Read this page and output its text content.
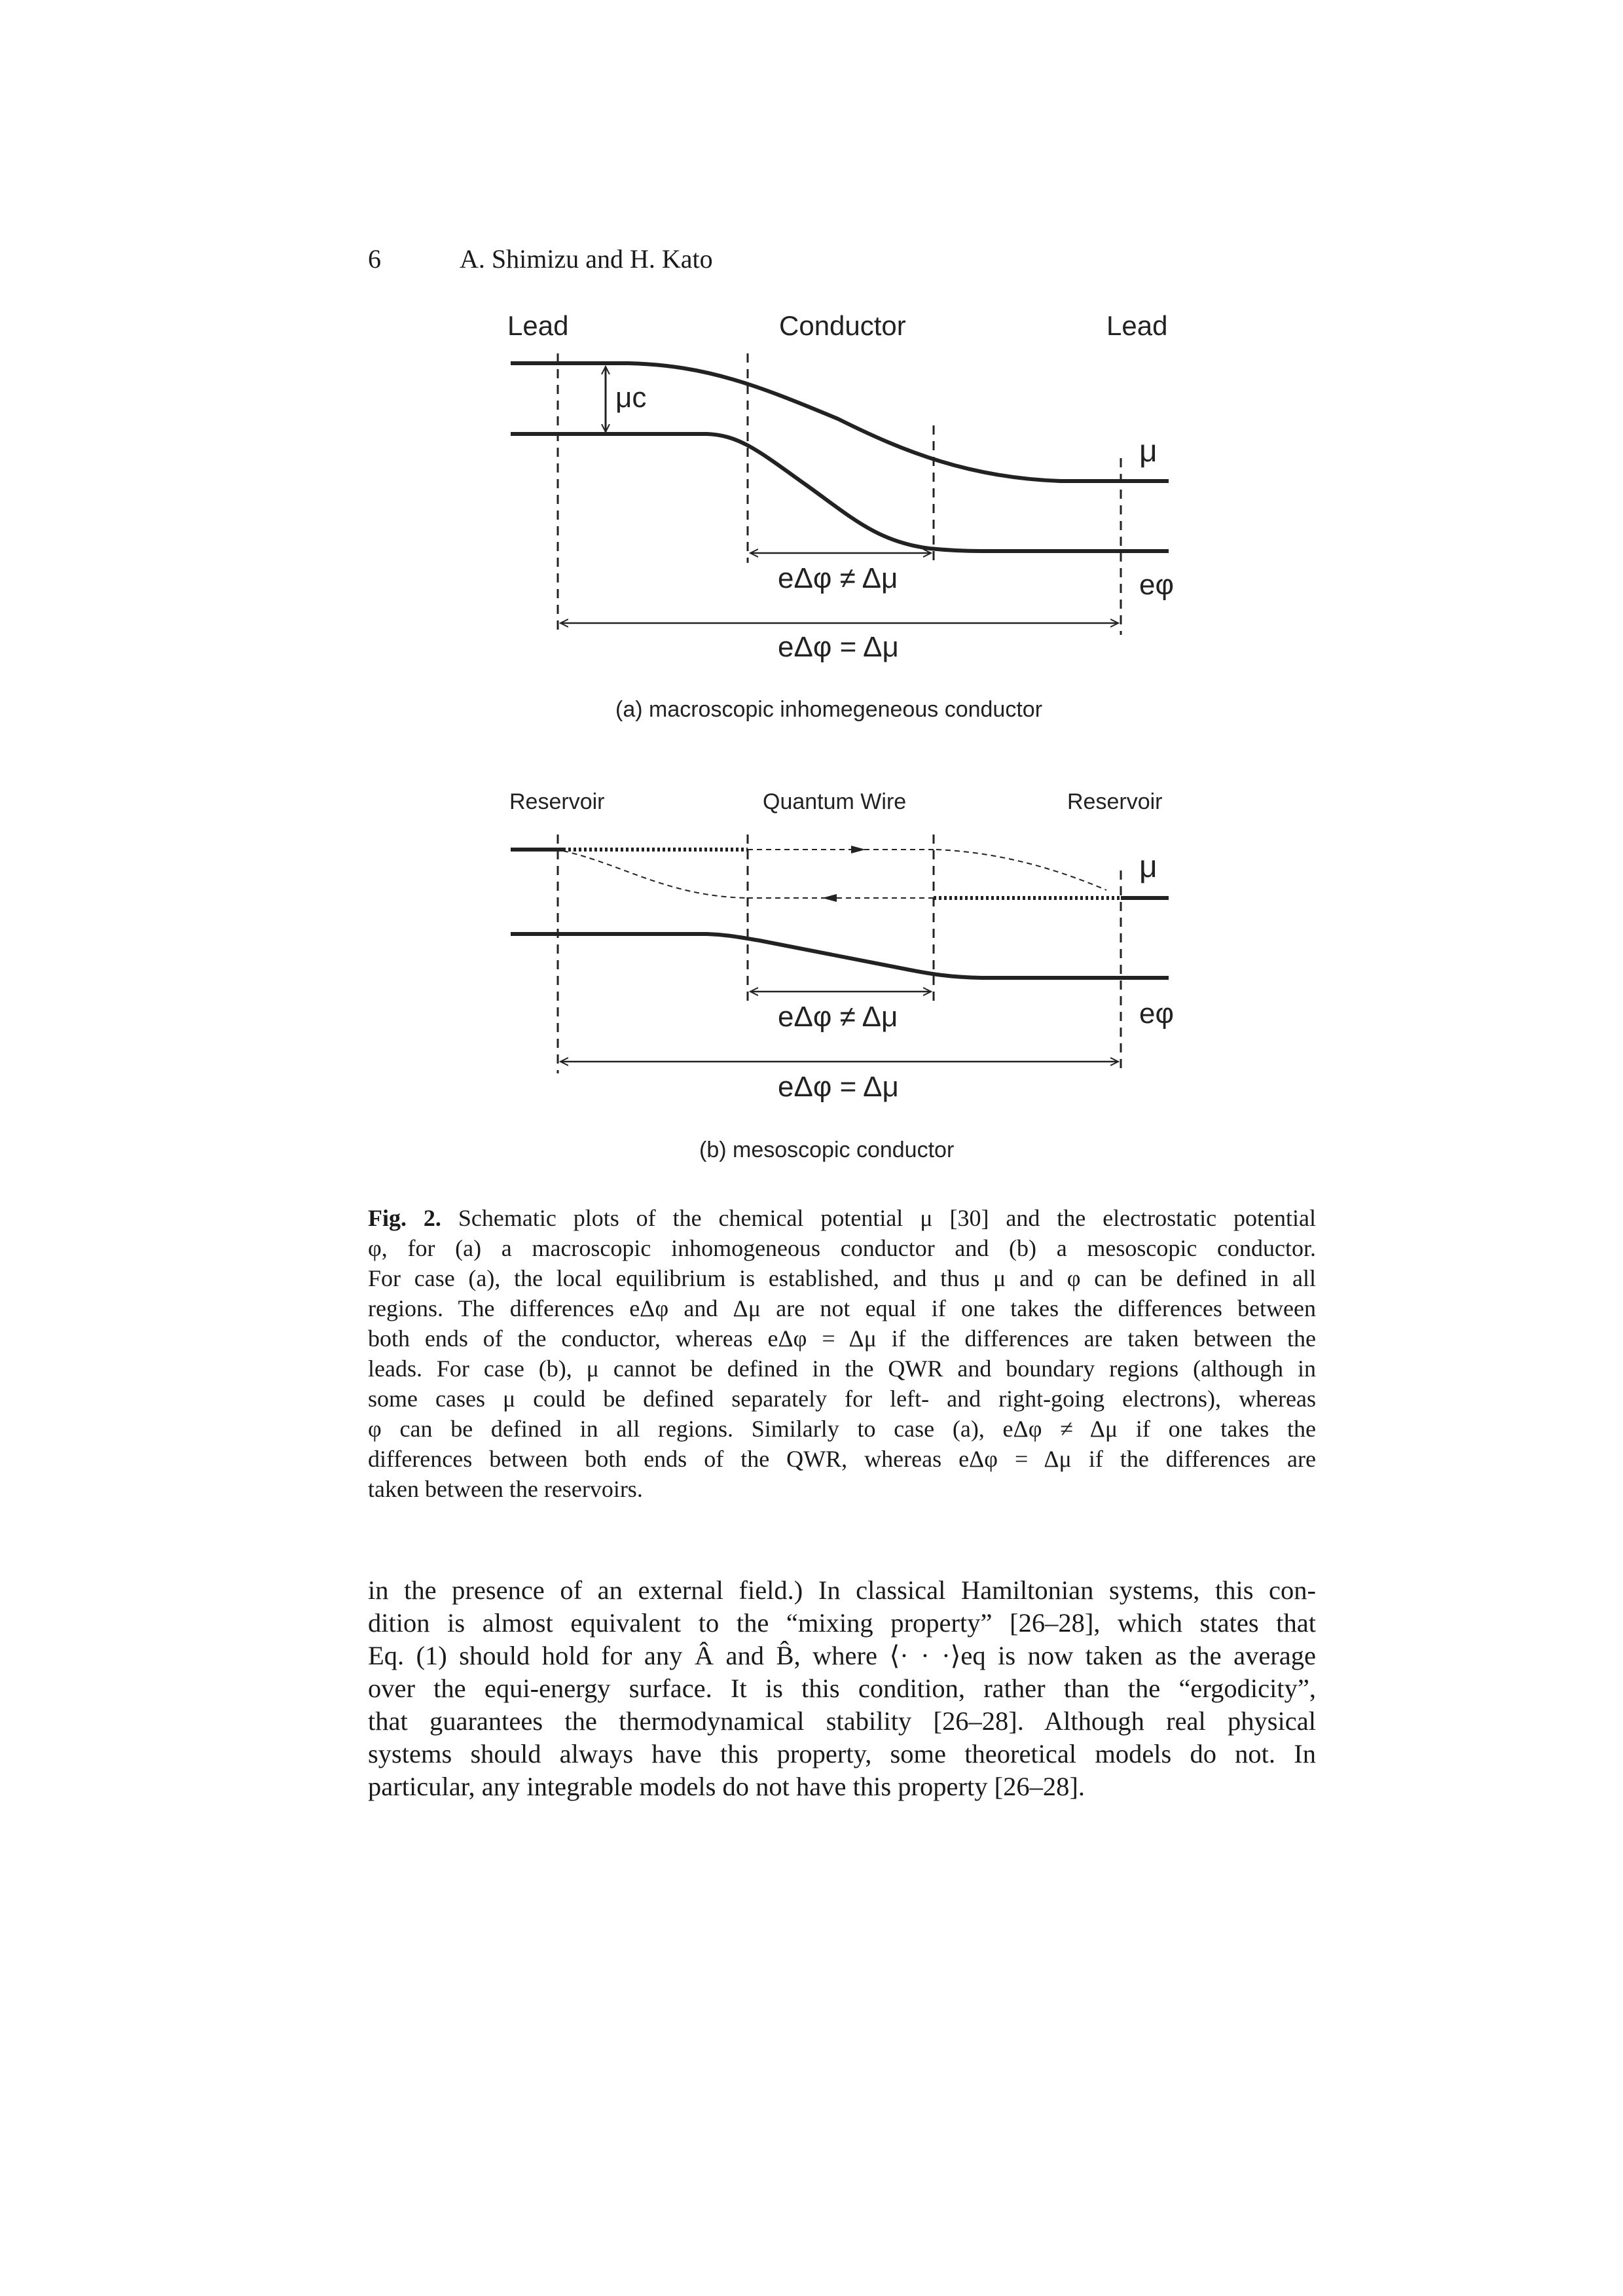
6	A. Shimizu and H. Kato
Lead	Conductor	Lead
μc
μ
eφ
eΔφ ≠ Δμ
eΔφ = Δμ
(a) macroscopic inhomegeneous conductor
Reservoir	Quantum Wire	Reservoir
μ
eφ
eΔφ ≠ Δμ
eΔφ = Δμ
(b) mesoscopic conductor
Fig. 2. Schematic plots of the chemical potential μ [30] and the electrostatic potential
φ, for (a) a macroscopic inhomogeneous conductor and (b) a mesoscopic conductor.
For case (a), the local equilibrium is established, and thus μ and φ can be defined in all
regions. The differences eΔφ and Δμ are not equal if one takes the differences between
both ends of the conductor, whereas eΔφ = Δμ if the differences are taken between the
leads. For case (b), μ cannot be defined in the QWR and boundary regions (although in
some cases μ could be defined separately for left- and right-going electrons), whereas
φ can be defined in all regions. Similarly to case (a), eΔφ ≠ Δμ if one takes the
differences between both ends of the QWR, whereas eΔφ = Δμ if the differences are
taken between the reservoirs.
in the presence of an external field.) In classical Hamiltonian systems, this con-
dition is almost equivalent to the “mixing property” [26–28], which states that
Eq. (1) should hold for any Â and B̂, where ⟨· · ·⟩eq is now taken as the average
over the equi-energy surface. It is this condition, rather than the “ergodicity”,
that guarantees the thermodynamical stability [26–28]. Although real physical
systems should always have this property, some theoretical models do not. In
particular, any integrable models do not have this property [26–28].
